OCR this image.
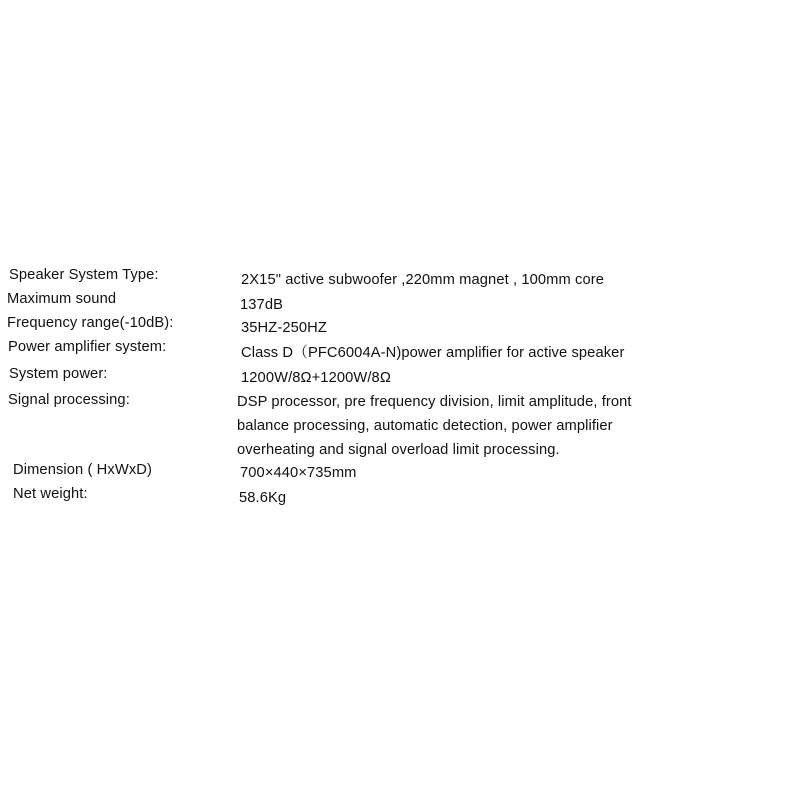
Speaker System Type:	2X15" active subwoofer ,220mm magnet , 100mm core
Maximum sound	137dB
Frequency range(-10dB):	35HZ-250HZ
Power amplifier system:	Class D（PFC6004A-N)power amplifier for active speaker
System power:	1200W/8Ω+1200W/8Ω
Signal processing:	DSP processor, pre frequency division, limit amplitude, front
balance processing, automatic detection, power amplifier
overheating and signal overload limit processing.
Dimension ( HxWxD)	700×440×735mm
Net weight:	58.6Kg
